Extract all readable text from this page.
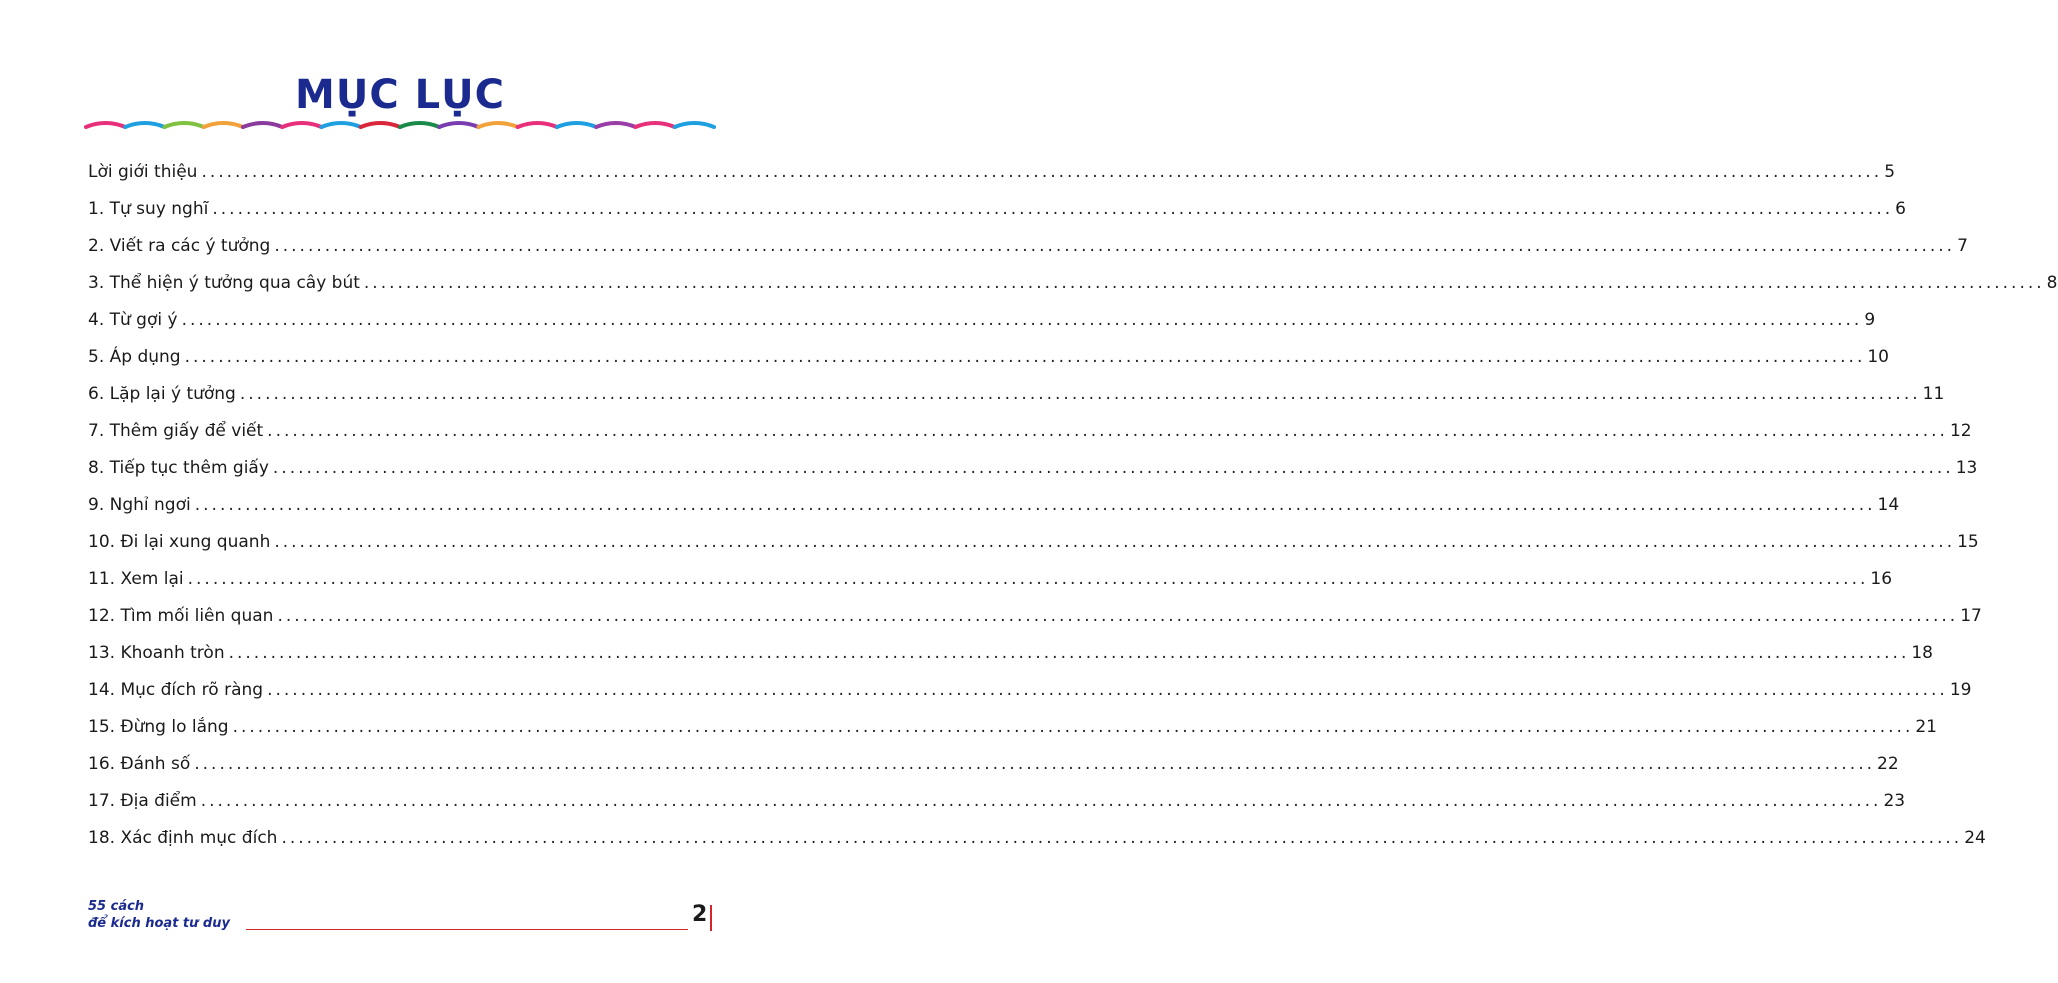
MỤC LỤC
Lời giới thiệu ........................................................................................................................................................................................................ 5
1. Tự suy nghĩ ........................................................................................................................................................................................................ 6
2. Viết ra các ý tưởng ........................................................................................................................................................................................................ 7
3. Thể hiện ý tưởng qua cây bút ........................................................................................................................................................................................................ 8
4. Từ gợi ý ........................................................................................................................................................................................................ 9
5. Áp dụng ........................................................................................................................................................................................................ 10
6. Lặp lại ý tưởng ........................................................................................................................................................................................................ 11
7. Thêm giấy để viết ........................................................................................................................................................................................................ 12
8. Tiếp tục thêm giấy ........................................................................................................................................................................................................ 13
9. Nghỉ ngơi ........................................................................................................................................................................................................ 14
10. Đi lại xung quanh ........................................................................................................................................................................................................ 15
11. Xem lại ........................................................................................................................................................................................................ 16
12. Tìm mối liên quan ........................................................................................................................................................................................................ 17
13. Khoanh tròn ........................................................................................................................................................................................................ 18
14. Mục đích rõ ràng ........................................................................................................................................................................................................ 19
15. Đừng lo lắng ........................................................................................................................................................................................................ 21
16. Đánh số ........................................................................................................................................................................................................ 22
17. Địa điểm ........................................................................................................................................................................................................ 23
18. Xác định mục đích ........................................................................................................................................................................................................ 24
55 cách
để kích hoạt tư duy	2
